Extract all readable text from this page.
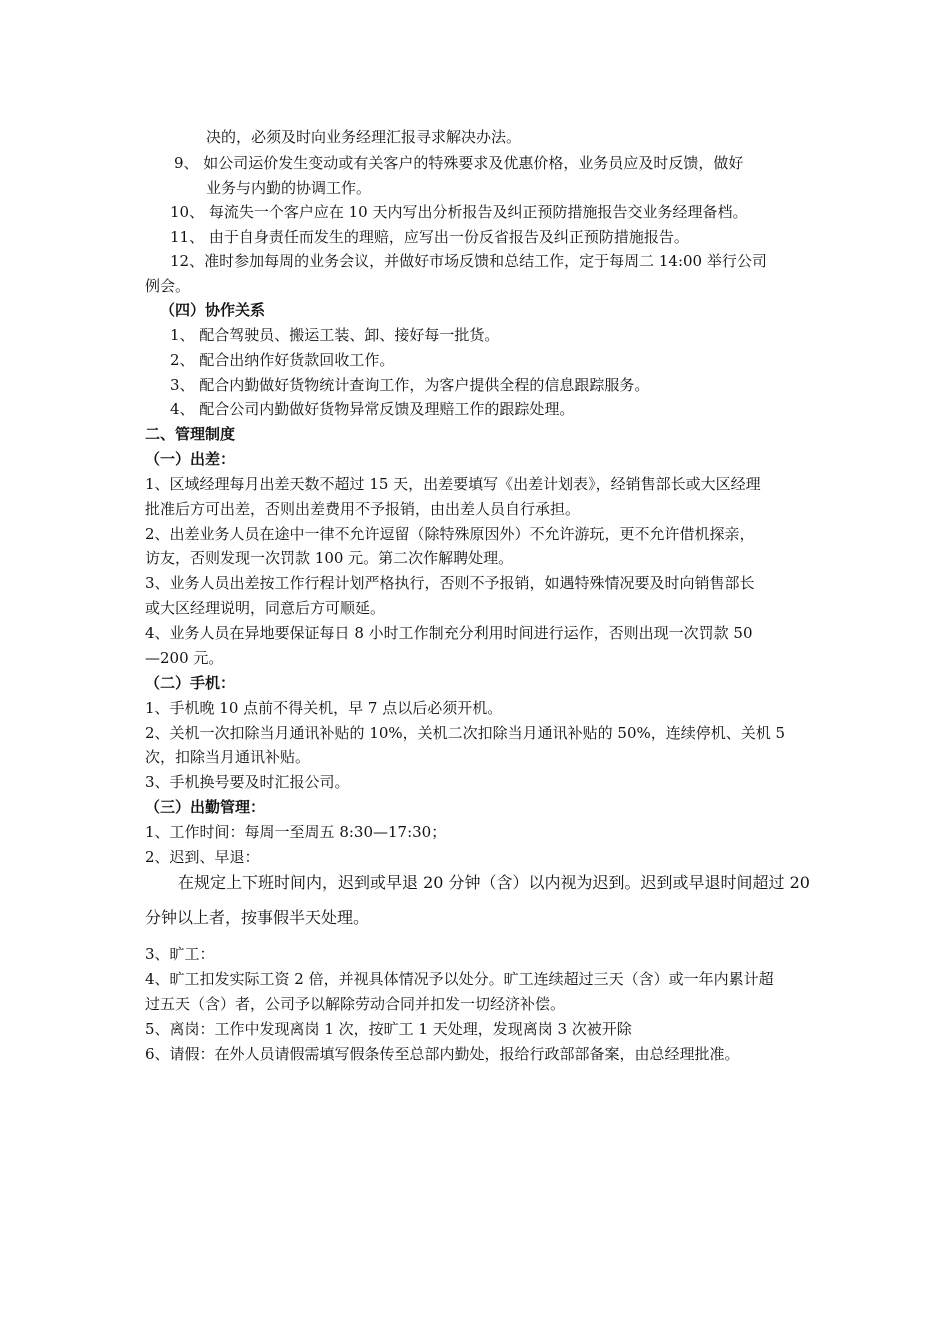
决的，必须及时向业务经理汇报寻求解决办法。
9、 如公司运价发生变动或有关客户的特殊要求及优惠价格，业务员应及时反馈，做好
业务与内勤的协调工作。
10、 每流失一个客户应在 10 天内写出分析报告及纠正预防措施报告交业务经理备档。
11、 由于自身责任而发生的理赔，应写出一份反省报告及纠正预防措施报告。
12、准时参加每周的业务会议，并做好市场反馈和总结工作，定于每周二 14:00 举行公司
例会。
（四）协作关系
1、 配合驾驶员、搬运工装、卸、接好每一批货。
2、 配合出纳作好货款回收工作。
3、 配合内勤做好货物统计查询工作，为客户提供全程的信息跟踪服务。
4、 配合公司内勤做好货物异常反馈及理赔工作的跟踪处理。
二、管理制度
（一）出差：
1、区域经理每月出差天数不超过 15 天，出差要填写《出差计划表》，经销售部长或大区经理
批准后方可出差，否则出差费用不予报销，由出差人员自行承担。
2、出差业务人员在途中一律不允许逗留（除特殊原因外）不允许游玩，更不允许借机探亲，
访友，否则发现一次罚款 100 元。第二次作解聘处理。
3、业务人员出差按工作行程计划严格执行，否则不予报销，如遇特殊情况要及时向销售部长
或大区经理说明，同意后方可顺延。
4、业务人员在异地要保证每日 8 小时工作制充分利用时间进行运作，否则出现一次罚款 50
—200 元。
（二）手机：
1、手机晚 10 点前不得关机，早 7 点以后必须开机。
2、关机一次扣除当月通讯补贴的 10%，关机二次扣除当月通讯补贴的 50%，连续停机、关机 5
次，扣除当月通讯补贴。
3、手机换号要及时汇报公司。
（三）出勤管理：
1、工作时间：每周一至周五 8:30—17:30；
2、迟到、早退：
在规定上下班时间内，迟到或早退 20 分钟（含）以内视为迟到。迟到或早退时间超过 20
分钟以上者，按事假半天处理。
3、旷工：
4、旷工扣发实际工资 2 倍，并视具体情况予以处分。旷工连续超过三天（含）或一年内累计超
过五天（含）者，公司予以解除劳动合同并扣发一切经济补偿。
5、离岗：工作中发现离岗 1 次，按旷工 1 天处理，发现离岗 3 次被开除
6、请假：在外人员请假需填写假条传至总部内勤处，报给行政部部备案，由总经理批准。
